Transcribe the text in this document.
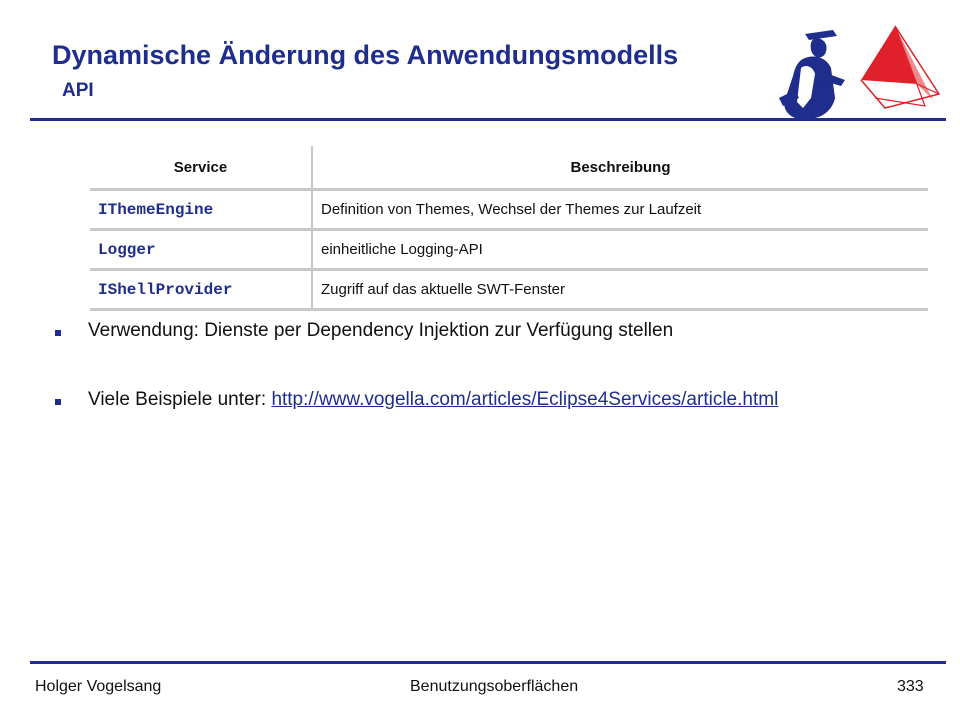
Dynamische Änderung des Anwendungsmodells
API
Service	Beschreibung
IThemeEngine	Definition von Themes, Wechsel der Themes zur Laufzeit
Logger	einheitliche Logging-API
IShellProvider	Zugriff auf das aktuelle SWT-Fenster
Verwendung: Dienste per Dependency Injektion zur Verfügung stellen
Viele Beispiele unter: http://www.vogella.com/articles/Eclipse4Services/article.html
Holger Vogelsang	Benutzungsoberflächen	333
